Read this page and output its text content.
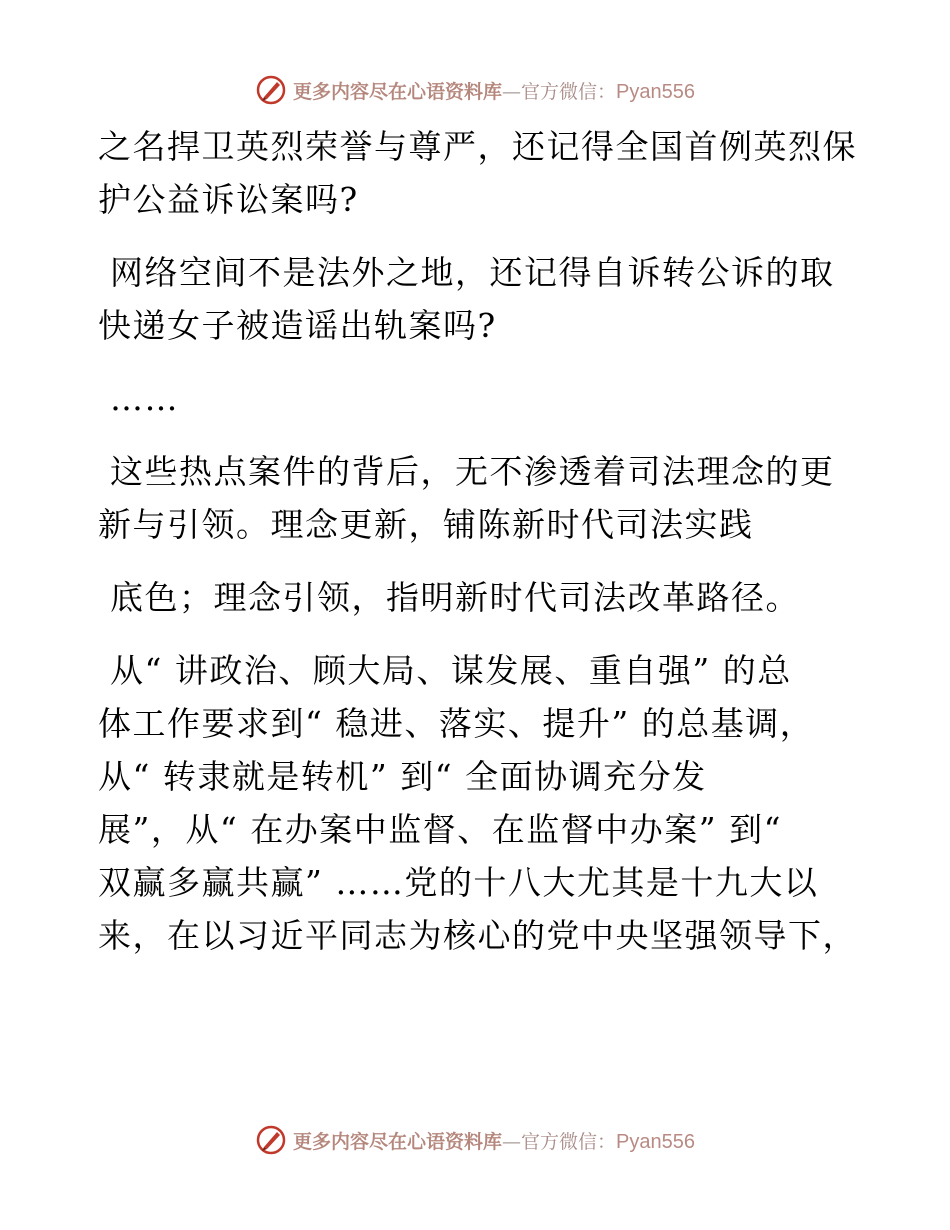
更多内容尽在心语资料库 — 官方微信： Pyan556
之名捍卫英烈荣誉与尊严，还记得全国首例英烈保
护公益诉讼案吗?
网络空间不是法外之地，还记得自诉转公诉的取
快递女子被造谣出轨案吗?
……
这些热点案件的背后，无不渗透着司法理念的更
新与引领。理念更新，铺陈新时代司法实践
底色；理念引领，指明新时代司法改革路径。
从“ 讲政治、顾大局、谋发展、重自强” 的总
体工作要求到“ 稳进、落实、提升” 的总基调，
从“ 转隶就是转机” 到“ 全面协调充分发
展”，从“ 在办案中监督、在监督中办案” 到“
双赢多赢共赢” ……党的十八大尤其是十九大以
来，在以习近平同志为核心的党中央坚强领导下，
更多内容尽在心语资料库 — 官方微信： Pyan556
